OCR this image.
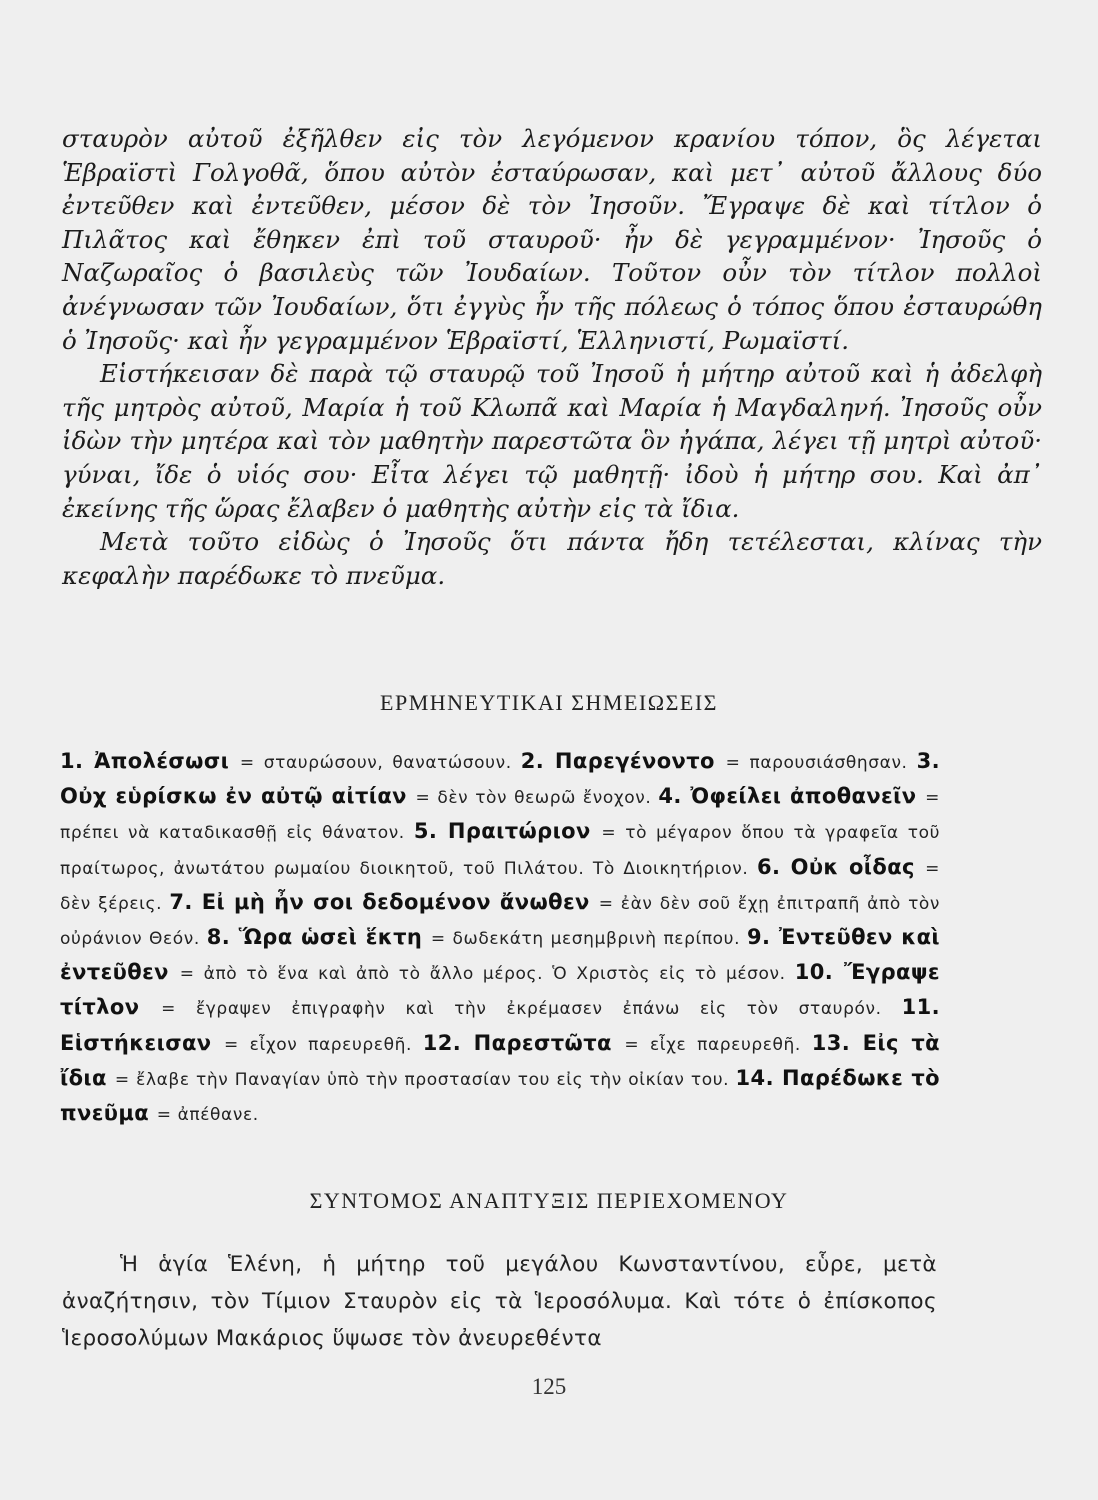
σταυρὸν αὐτοῦ ἐξῆλθεν εἰς τὸν λεγόμενον κρανίου τόπον, ὃς λέγεται Ἑβραϊστὶ Γολγοθᾶ, ὅπου αὐτὸν ἐσταύρωσαν, καὶ μετ᾽ αὐτοῦ ἄλλους δύο ἐντεῦθεν καὶ ἐντεῦθεν, μέσον δὲ τὸν Ἰησοῦν. Ἔγραψε δὲ καὶ τίτλον ὁ Πιλᾶτος καὶ ἔθηκεν ἐπὶ τοῦ σταυροῦ· ἦν δὲ γεγραμμένον· Ἰησοῦς ὁ Ναζωραῖος ὁ βασιλεὺς τῶν Ἰουδαίων. Τοῦτον οὖν τὸν τίτλον πολλοὶ ἀνέγνωσαν τῶν Ἰουδαίων, ὅτι ἐγγὺς ἦν τῆς πόλεως ὁ τόπος ὅπου ἐσταυρώθη ὁ Ἰησοῦς· καὶ ἦν γεγραμμένον Ἑβραϊστί, Ἑλληνιστί, Ρωμαϊστί.

Εἱστήκεισαν δὲ παρὰ τῷ σταυρῷ τοῦ Ἰησοῦ ἡ μήτηρ αὐτοῦ καὶ ἡ ἀδελφὴ τῆς μητρὸς αὐτοῦ, Μαρία ἡ τοῦ Κλωπᾶ καὶ Μαρία ἡ Μαγδαληνή. Ἰησοῦς οὖν ἰδὼν τὴν μητέρα καὶ τὸν μαθητὴν παρεστῶτα ὃν ἠγάπα, λέγει τῇ μητρὶ αὐτοῦ· γύναι, ἴδε ὁ υἱός σου· Εἶτα λέγει τῷ μαθητῇ· ἰδοὺ ἡ μήτηρ σου. Καὶ ἀπ᾽ ἐκείνης τῆς ὥρας ἔλαβεν ὁ μαθητὴς αὐτὴν εἰς τὰ ἴδια.

Μετὰ τοῦτο εἰδὼς ὁ Ἰησοῦς ὅτι πάντα ἤδη τετέλεσται, κλίνας τὴν κεφαλὴν παρέδωκε τὸ πνεῦμα.

ΕΡΜΗΝΕΥΤΙΚΑΙ ΣΗΜΕΙΩΣΕΙΣ
1. Ἀπολέσωσι = σταυρώσουν, θανατώσουν. 2. Παρεγένοντο = παρουσιάσθησαν. 3. Οὐχ εὑρίσκω ἐν αὐτῷ αἰτίαν = δὲν τὸν θεωρῶ ἔνοχον. 4. Ὀφείλει ἀποθανεῖν = πρέπει νὰ καταδικασθῇ εἰς θάνατον. 5. Πραιτώριον = τὸ μέγαρον ὅπου τὰ γραφεῖα τοῦ πραίτωρος, ἀνωτάτου ρωμαίου διοικητοῦ, τοῦ Πιλάτου. Τὸ Διοικητήριον. 6. Οὐκ οἶδας = δὲν ξέρεις. 7. Εἰ μὴ ἦν σοι δεδομένον ἄνωθεν = ἐὰν δὲν σοῦ ἔχῃ ἐπιτραπῆ ἀπὸ τὸν οὐράνιον Θεόν. 8. Ὥρα ὡσεὶ ἕκτη = δωδεκάτη μεσημβρινὴ περίπου. 9. Ἐντεῦθεν καὶ ἐντεῦθεν = ἀπὸ τὸ ἕνα καὶ ἀπὸ τὸ ἄλλο μέρος. Ὁ Χριστὸς εἰς τὸ μέσον. 10. Ἔγραψε τίτλον = ἔγραψεν ἐπιγραφὴν καὶ τὴν ἐκρέμασεν ἐπάνω εἰς τὸν σταυρόν. 11. Εἱστήκεισαν = εἶχον παρευρεθῆ. 12. Παρεστῶτα = εἶχε παρευρεθῆ. 13. Εἰς τὰ ἴδια = ἔλαβε τὴν Παναγίαν ὑπὸ τὴν προστασίαν του εἰς τὴν οἰκίαν του. 14. Παρέδωκε τὸ πνεῦμα = ἀπέθανε.
ΣΥΝΤΟΜΟΣ ΑΝΑΠΤΥΞΙΣ ΠΕΡΙΕΧΟΜΕΝΟΥ
Ἡ ἁγία Ἑλένη, ἡ μήτηρ τοῦ μεγάλου Κωνσταντίνου, εὗρε, μετὰ ἀναζήτησιν, τὸν Τίμιον Σταυρὸν εἰς τὰ Ἱεροσόλυμα. Καὶ τότε ὁ ἐπίσκοπος Ἱεροσολύμων Μακάριος ὕψωσε τὸν ἀνευρεθέντα
125
